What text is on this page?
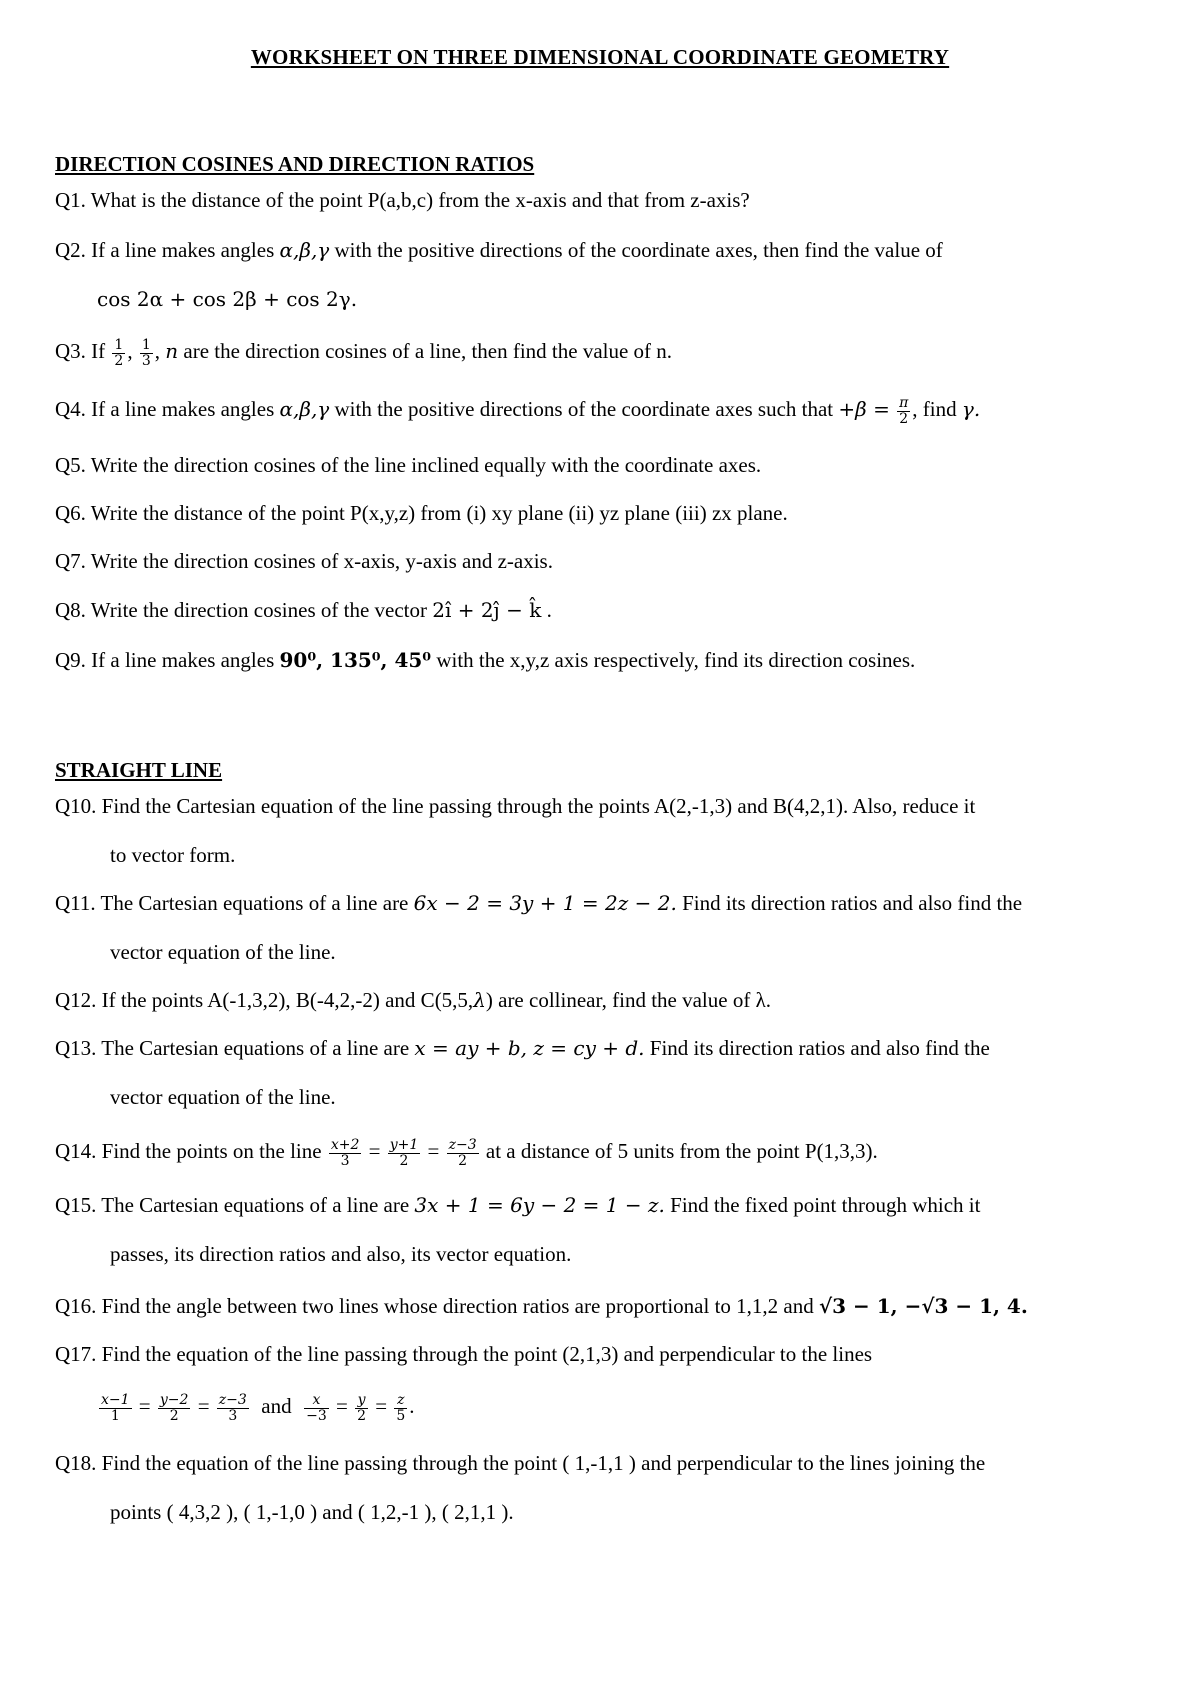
WORKSHEET ON THREE DIMENSIONAL COORDINATE GEOMETRY
DIRECTION COSINES AND DIRECTION RATIOS
Q1. What is the distance of the point P(a,b,c) from the x-axis and that from z-axis?
Q2. If a line makes angles α,β,γ with the positive directions of the coordinate axes, then find the value of
cos 2α + cos 2β + cos 2γ.
Q3. If $\frac{1}{2}$ , $\frac{1}{3}$ , n are the direction cosines of a line, then find the value of n.
Q4. If a line makes angles α,β,γ with the positive directions of the coordinate axes such that $+\beta = \frac{\pi}{2}$ , find γ.
Q5. Write the direction cosines of the line inclined equally with the coordinate axes.
Q6. Write the distance of the point P(x,y,z) from (i) xy plane (ii) yz plane (iii) zx plane.
Q7. Write the direction cosines of x-axis, y-axis and z-axis.
Q8. Write the direction cosines of the vector 2î + 2ĵ − k̂ .
Q9. If a line makes angles 90⁰, 135⁰, 45⁰ with the x,y,z axis respectively, find its direction cosines.
STRAIGHT LINE
Q10. Find the Cartesian equation of the line passing through the points A(2,-1,3) and B(4,2,1). Also, reduce it
to vector form.
Q11. The Cartesian equations of a line are 6x − 2 = 3y + 1 = 2z − 2. Find its direction ratios and also find the
vector equation of the line.
Q12. If the points A(-1,3,2), B(-4,2,-2) and C(5,5,λ) are collinear, find the value of λ.
Q13. The Cartesian equations of a line are x = ay + b, z = cy + d. Find its direction ratios and also find the
vector equation of the line.
Q14. Find the points on the line $\frac{x+2}{3} = \frac{y+1}{2} = \frac{z-3}{2}$ at a distance of 5 units from the point P(1,3,3).
Q15. The Cartesian equations of a line are 3x + 1 = 6y − 2 = 1 − z. Find the fixed point through which it
passes, its direction ratios and also, its vector equation.
Q16. Find the angle between two lines whose direction ratios are proportional to 1,1,2 and √3 − 1, −√3 − 1, 4.
Q17. Find the equation of the line passing through the point (2,1,3) and perpendicular to the lines
$\frac{x-1}{1} = \frac{y-2}{2} = \frac{z-3}{3}$ and $\frac{x}{-3} = \frac{y}{2} = \frac{z}{5}$ .
Q18. Find the equation of the line passing through the point ( 1,-1,1 ) and perpendicular to the lines joining the
points ( 4,3,2 ), ( 1,-1,0 ) and ( 1,2,-1 ), ( 2,1,1 ).
